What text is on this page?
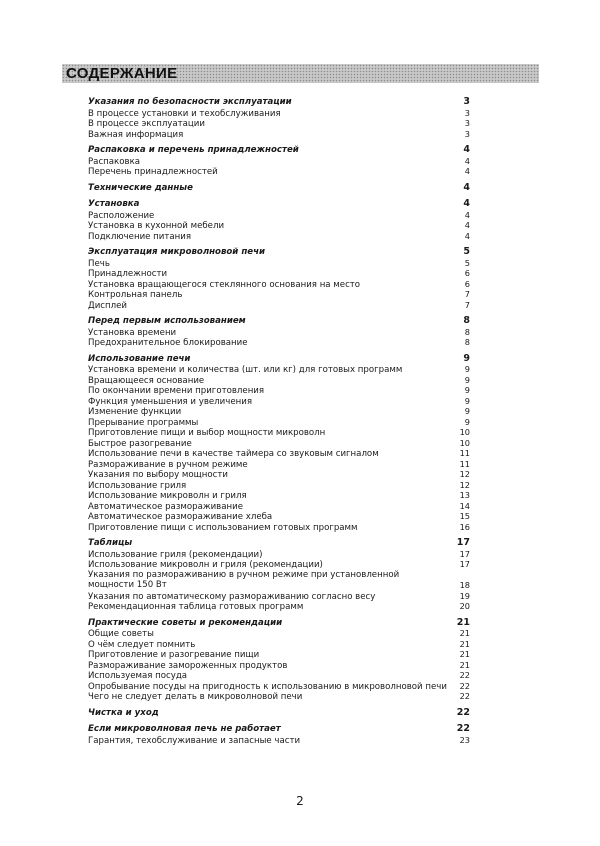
СОДЕРЖАНИЕ
Указания по безопасности эксплуатации	3
В процессе установки и техобслуживания	3
В процессе эксплуатации	3
Важная информация	3
Распаковка и перечень принадлежностей	4
Распаковка	4
Перечень принадлежностей	4
Технические данные	4
Установка	4
Расположение	4
Установка в кухонной мебели	4
Подключение питания	4
Эксплуатация микроволновой печи	5
Печь	5
Принадлежности	6
Установка вращающегося стеклянного основания на место	6
Контрольная панель	7
Дисплей	7
Перед первым использованием	8
Установка времени	8
Предохранительное блокирование	8
Использование печи	9
Установка времени и количества (шт. или кг) для готовых программ	9
Вращающееся основание	9
По окончании времени приготовления	9
Функция уменьшения и увеличения	9
Изменение функции	9
Прерывание программы	9
Приготовление пищи и выбор мощности микроволн	10
Быстрое разогревание	10
Использование печи в качестве таймера со звуковым сигналом	11
Размораживание в ручном режиме	11
Указания по выбору мощности	12
Использование гриля	12
Использование микроволн и гриля	13
Автоматическое размораживание	14
Автоматическое размораживание хлеба	15
Приготовление пищи с использованием готовых программ	16
Таблицы	17
Использование гриля (рекомендации)	17
Использование микроволн и гриля (рекомендации)	17
Указания по размораживанию в ручном режиме при установленной мощности 150 Вт	18
Указания по автоматическому размораживанию согласно весу	19
Рекомендационная таблица готовых программ	20
Практические советы и рекомендации	21
Общие советы	21
О чём следует помнить	21
Приготовление и разогревание пищи	21
Размораживание замороженных продуктов	21
Используемая посуда	22
Опробывание посуды на пригодность к использованию в микроволновой печи	22
Чего не следует делать в микроволновой печи	22
Чистка и уход	22
Если микроволновая печь не работает	22
Гарантия, техобслуживание и запасные части	23
2
